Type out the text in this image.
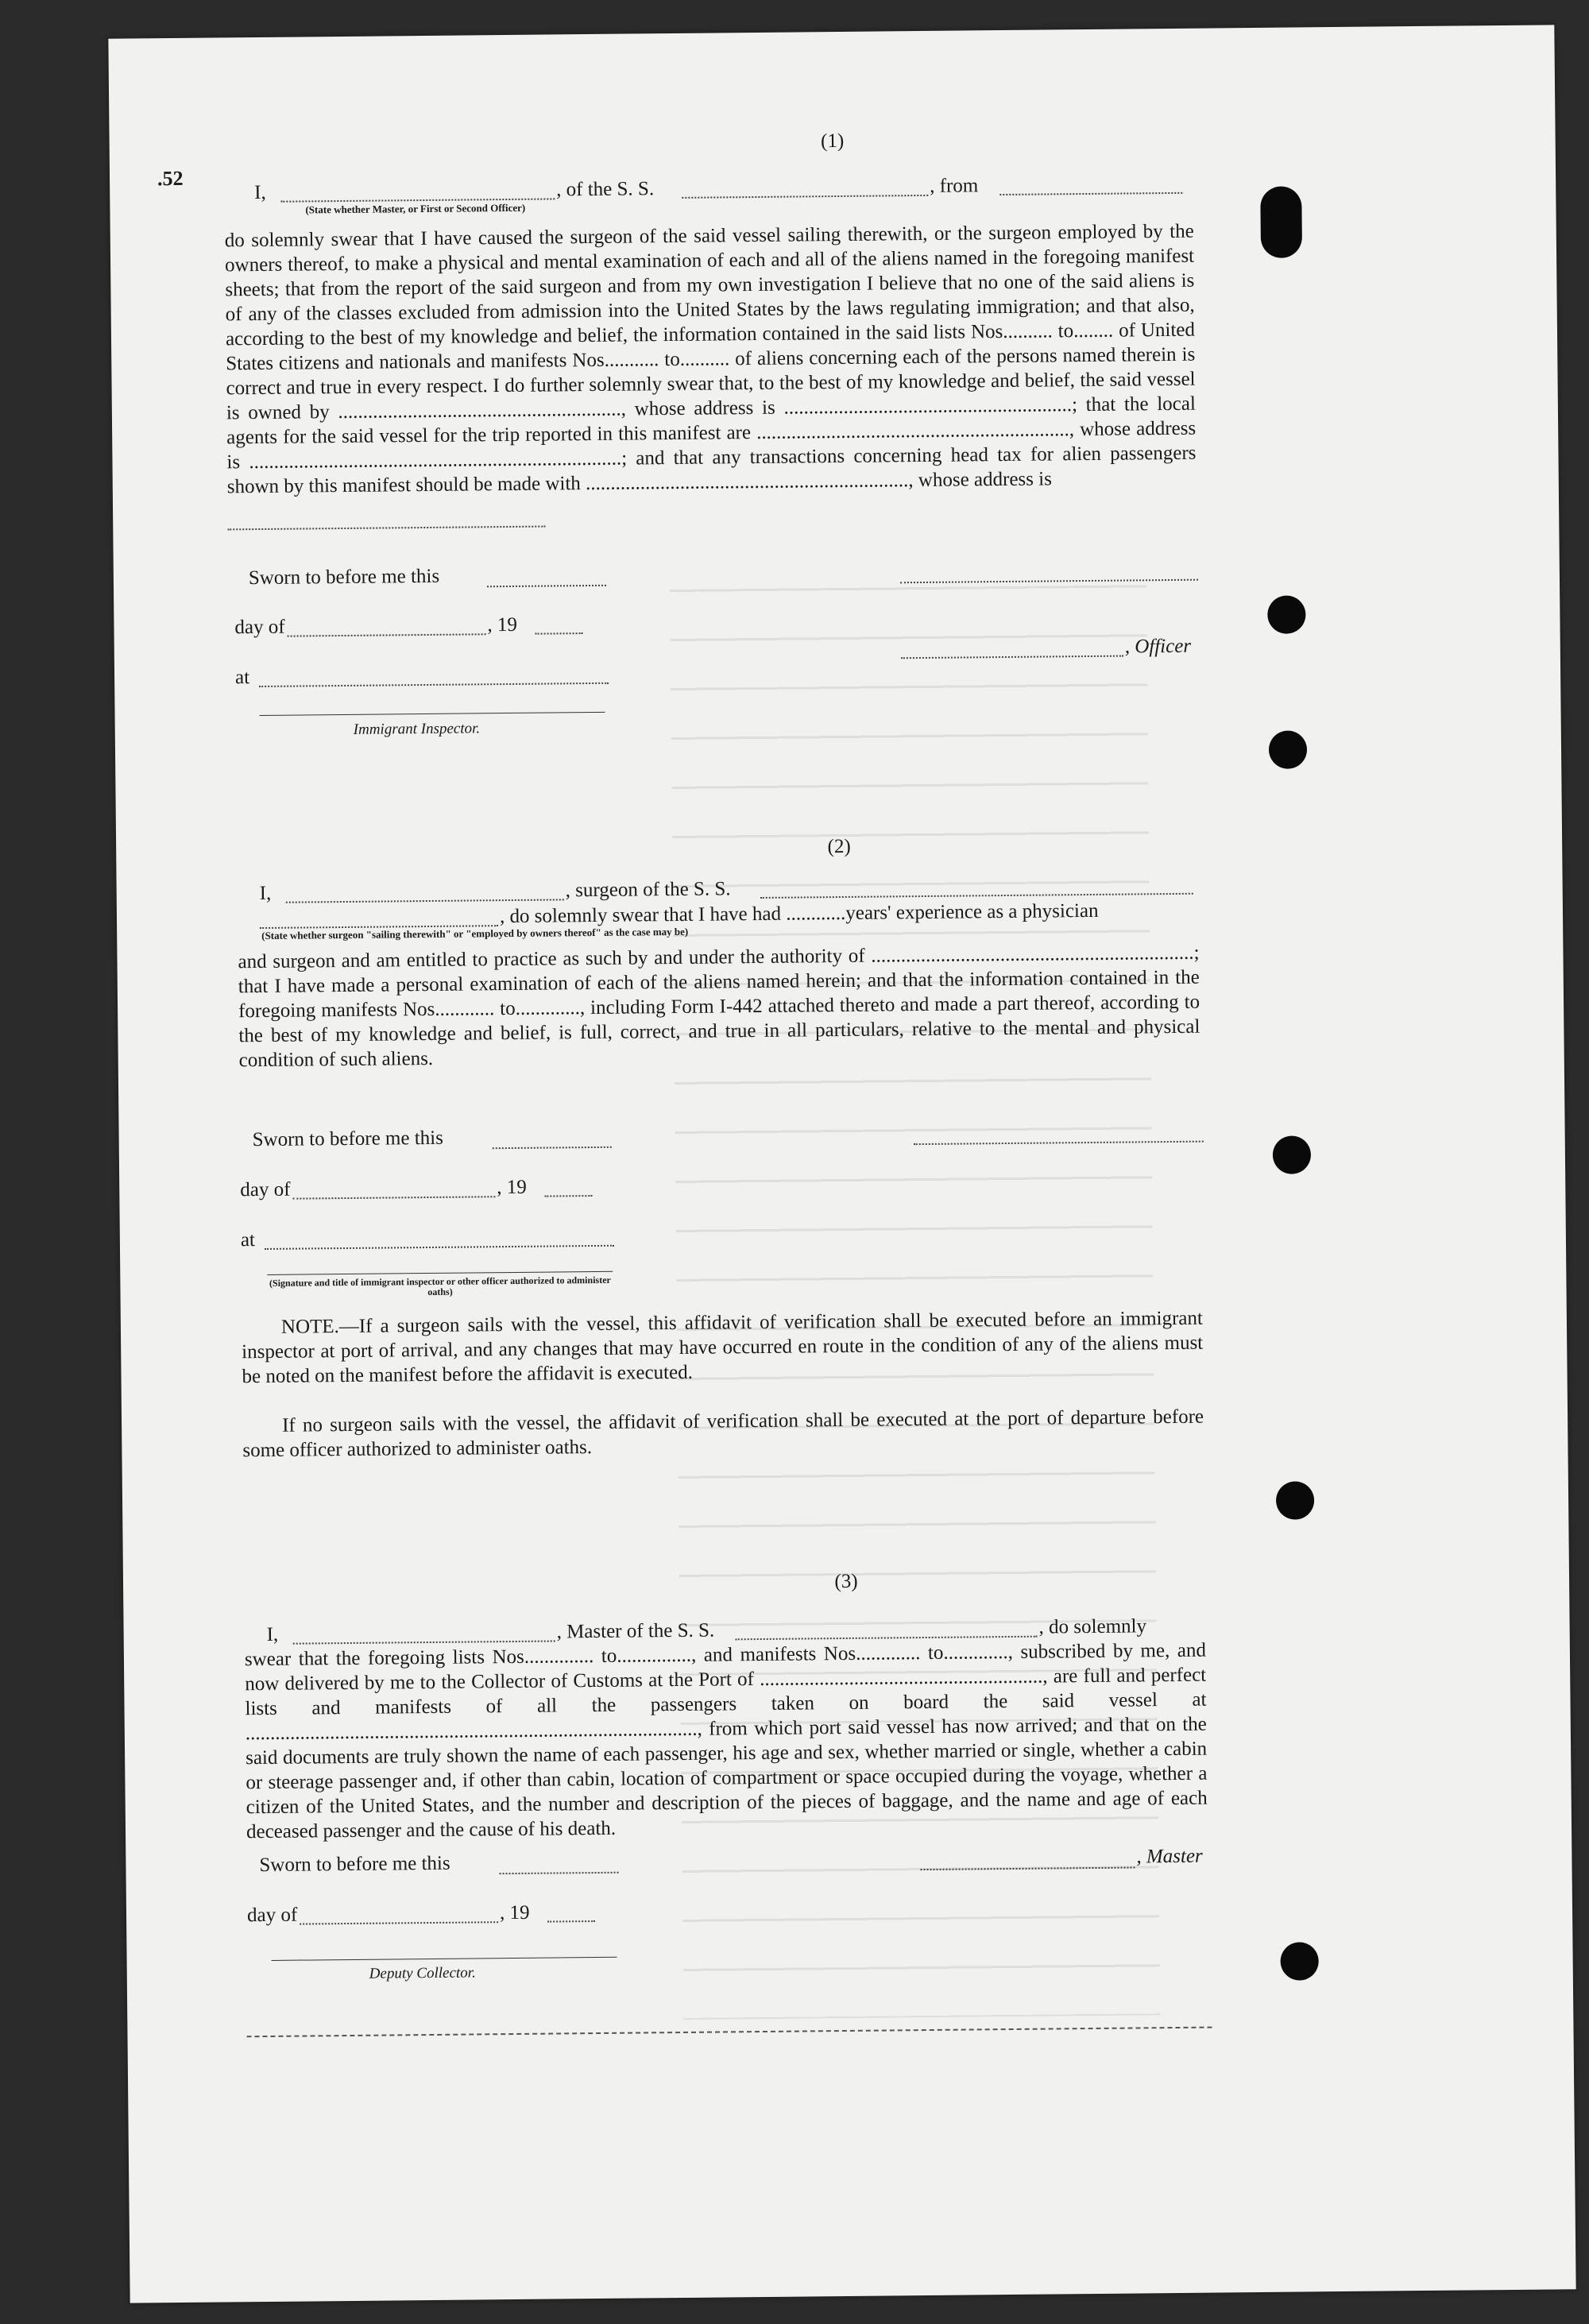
.52
(1)
I,	, of the S. S.	, from
(State whether Master, or First or Second Officer)
do solemnly swear that I have caused the surgeon of the said vessel sailing therewith, or the surgeon employed by the owners thereof, to make a physical and mental examination of each and all of the aliens named in the foregoing manifest sheets; that from the report of the said surgeon and from my own investigation I believe that no one of the said aliens is of any of the classes excluded from admission into the United States by the laws regulating immigration; and that also, according to the best of my knowledge and belief, the information contained in the said lists Nos.......... to........ of United States citizens and nationals and manifests Nos........... to.......... of aliens concerning each of the persons named therein is correct and true in every respect. I do further solemnly swear that, to the best of my knowledge and belief, the said vessel is owned by ........................................................., whose address is ..........................................................; that the local agents for the said vessel for the trip reported in this manifest are ..............................................................., whose address is ...........................................................................; and that any transactions concerning head tax for alien passengers shown by this manifest should be made with ................................................................., whose address is
Sworn to before me this
day of	, 19
at
, Officer
Immigrant Inspector.
(2)
I,	, surgeon of the S. S.
, do solemnly swear that I have had ............years' experience as a physician
(State whether surgeon "sailing therewith" or "employed by owners thereof" as the case may be)
and surgeon and am entitled to practice as such by and under the authority of .................................................................; that I have made a personal examination of each of the aliens named herein; and that the information contained in the foregoing manifests Nos............ to............., including Form I-442 attached thereto and made a part thereof, according to the best of my knowledge and belief, is full, correct, and true in all particulars, relative to the mental and physical condition of such aliens.
Sworn to before me this
day of	, 19
at
(Signature and title of immigrant inspector or other officer authorized to administer oaths)
NOTE.—If a surgeon sails with the vessel, this affidavit of verification shall be executed before an immigrant inspector at port of arrival, and any changes that may have occurred en route in the condition of any of the aliens must be noted on the manifest before the affidavit is executed.
If no surgeon sails with the vessel, the affidavit of verification shall be executed at the port of departure before some officer authorized to administer oaths.
(3)
I,	, Master of the S. S.	, do solemnly
swear that the foregoing lists Nos.............. to..............., and manifests Nos............. to............., subscribed by me, and now delivered by me to the Collector of Customs at the Port of ........................................................., are full and perfect lists and manifests of all the passengers taken on board the said vessel at ..........................................................................................., from which port said vessel has now arrived; and that on the said documents are truly shown the name of each passenger, his age and sex, whether married or single, whether a cabin or steerage passenger and, if other than cabin, location of compartment or space occupied during the voyage, whether a citizen of the United States, and the number and description of the pieces of baggage, and the name and age of each deceased passenger and the cause of his death.
Sworn to before me this	, Master
day of	, 19
Deputy Collector.
